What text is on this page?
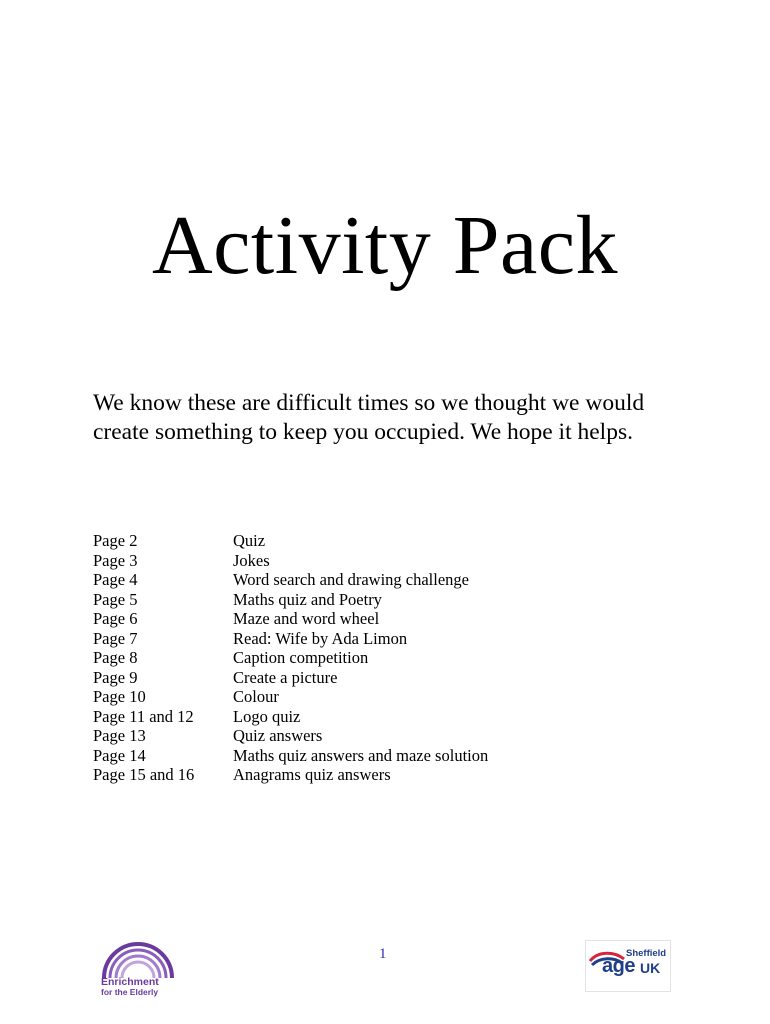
Activity Pack
We know these are difficult times so we thought we would create something to keep you occupied. We hope it helps.
Page 2	Quiz
Page 3	Jokes
Page 4	Word search and drawing challenge
Page 5	Maths quiz and Poetry
Page 6	Maze and word wheel
Page 7	Read: Wife by Ada Limon
Page 8	Caption competition
Page 9	Create a picture
Page 10	Colour
Page 11 and 12	Logo quiz
Page 13	Quiz answers
Page 14	Maths quiz answers and maze solution
Page 15 and 16	Anagrams quiz answers
Enrichment
for the Elderly
1	Sheffield
age UK
